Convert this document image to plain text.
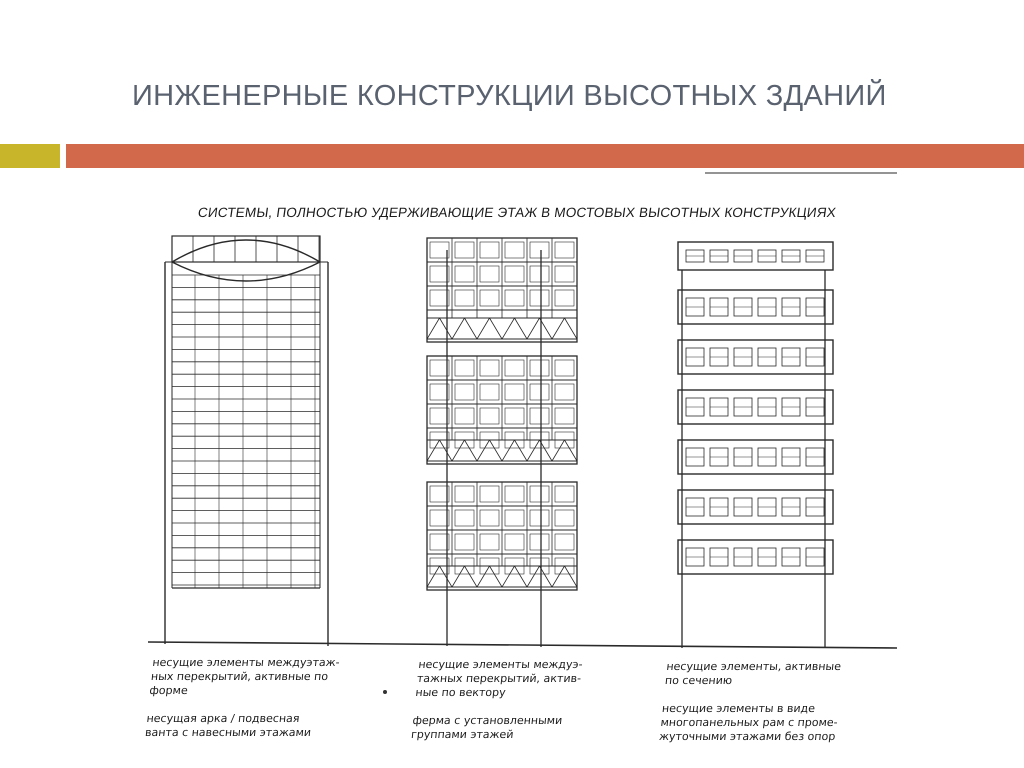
ИНЖЕНЕРНЫЕ КОНСТРУКЦИИ ВЫСОТНЫХ ЗДАНИЙ
СИСТЕМЫ, ПОЛНОСТЬЮ УДЕРЖИВАЮЩИЕ ЭТАЖ В МОСТОВЫХ ВЫСОТНЫХ КОНСТРУКЦИЯХ

несущие элементы междуэтаж-
ных перекрытий, активные по
форме

несущая арка / подвесная
ванта с навесными этажами

несущие элементы междуэ-
тажных перекрытий, актив-
ные по вектору

ферма с установленными
группами этажей

несущие элементы, активные
по сечению

несущие элементы в виде
многопанельных рам с проме-
жуточными этажами без опор
